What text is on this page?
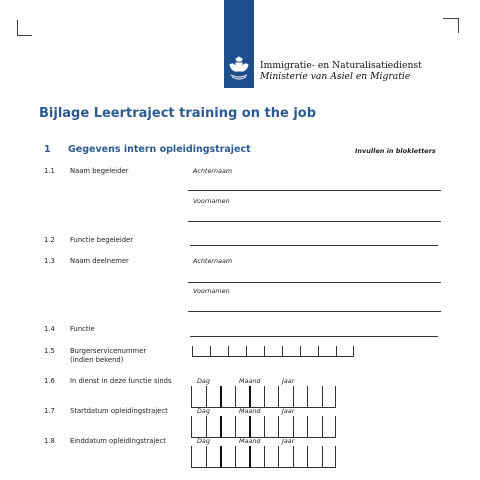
Immigratie- en Naturalisatiedienst
Ministerie van Asiel en Migratie
Bijlage Leertraject training on the job
1 Gegevens intern opleidingstraject	Invullen in blokletters
1.1 Naam begeleider	Achternaam
Voornamen
1.2 Functie begeleider
1.3 Naam deelnemer	Achternaam
Voornamen
1.4 Functie
1.5 Burgerservicenummer
(indien bekend)
1.6 In dienst in deze functie sinds	Dag	Maand	Jaar
1.7 Startdatum opleidingstraject	Dag	Maand	Jaar
1.8 Einddatum opleidingstraject	Dag	Maand	Jaar
